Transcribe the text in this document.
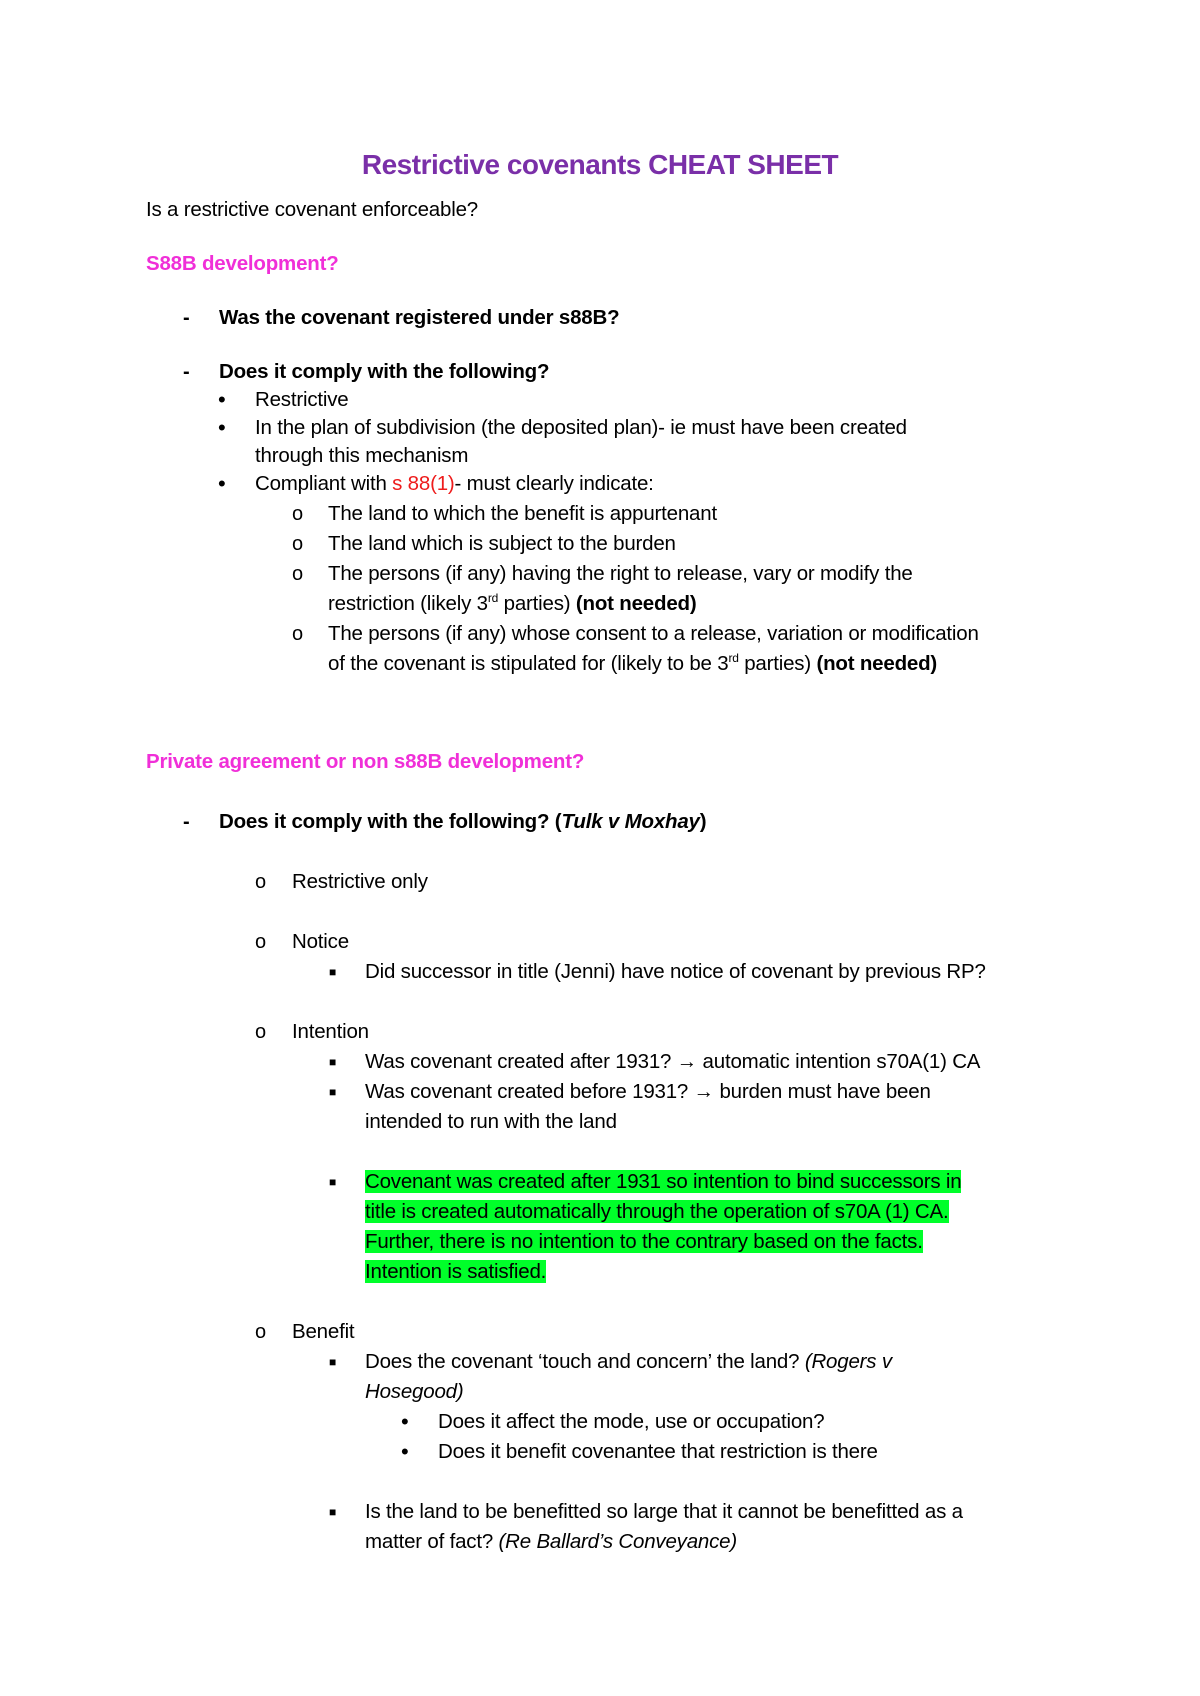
Restrictive covenants CHEAT SHEET
Is a restrictive covenant enforceable?
S88B development?
- Was the covenant registered under s88B?
- Does it comply with the following?
• Restrictive
• In the plan of subdivision (the deposited plan)- ie must have been created
through this mechanism
• Compliant with s 88(1)- must clearly indicate:
o The land to which the benefit is appurtenant
o The land which is subject to the burden
o The persons (if any) having the right to release, vary or modify the
restriction (likely 3rd parties) (not needed)
o The persons (if any) whose consent to a release, variation or modification
of the covenant is stipulated for (likely to be 3rd parties) (not needed)
Private agreement or non s88B development?
- Does it comply with the following? (Tulk v Moxhay)
o Restrictive only
o Notice
■ Did successor in title (Jenni) have notice of covenant by previous RP?
o Intention
■ Was covenant created after 1931? → automatic intention s70A(1) CA
■ Was covenant created before 1931? → burden must have been
intended to run with the land
■ Covenant was created after 1931 so intention to bind successors in
title is created automatically through the operation of s70A (1) CA.
Further, there is no intention to the contrary based on the facts.
Intention is satisfied.
o Benefit
■ Does the covenant ‘touch and concern’ the land? (Rogers v
Hosegood)
• Does it affect the mode, use or occupation?
• Does it benefit covenantee that restriction is there
■ Is the land to be benefitted so large that it cannot be benefitted as a
matter of fact? (Re Ballard’s Conveyance)
